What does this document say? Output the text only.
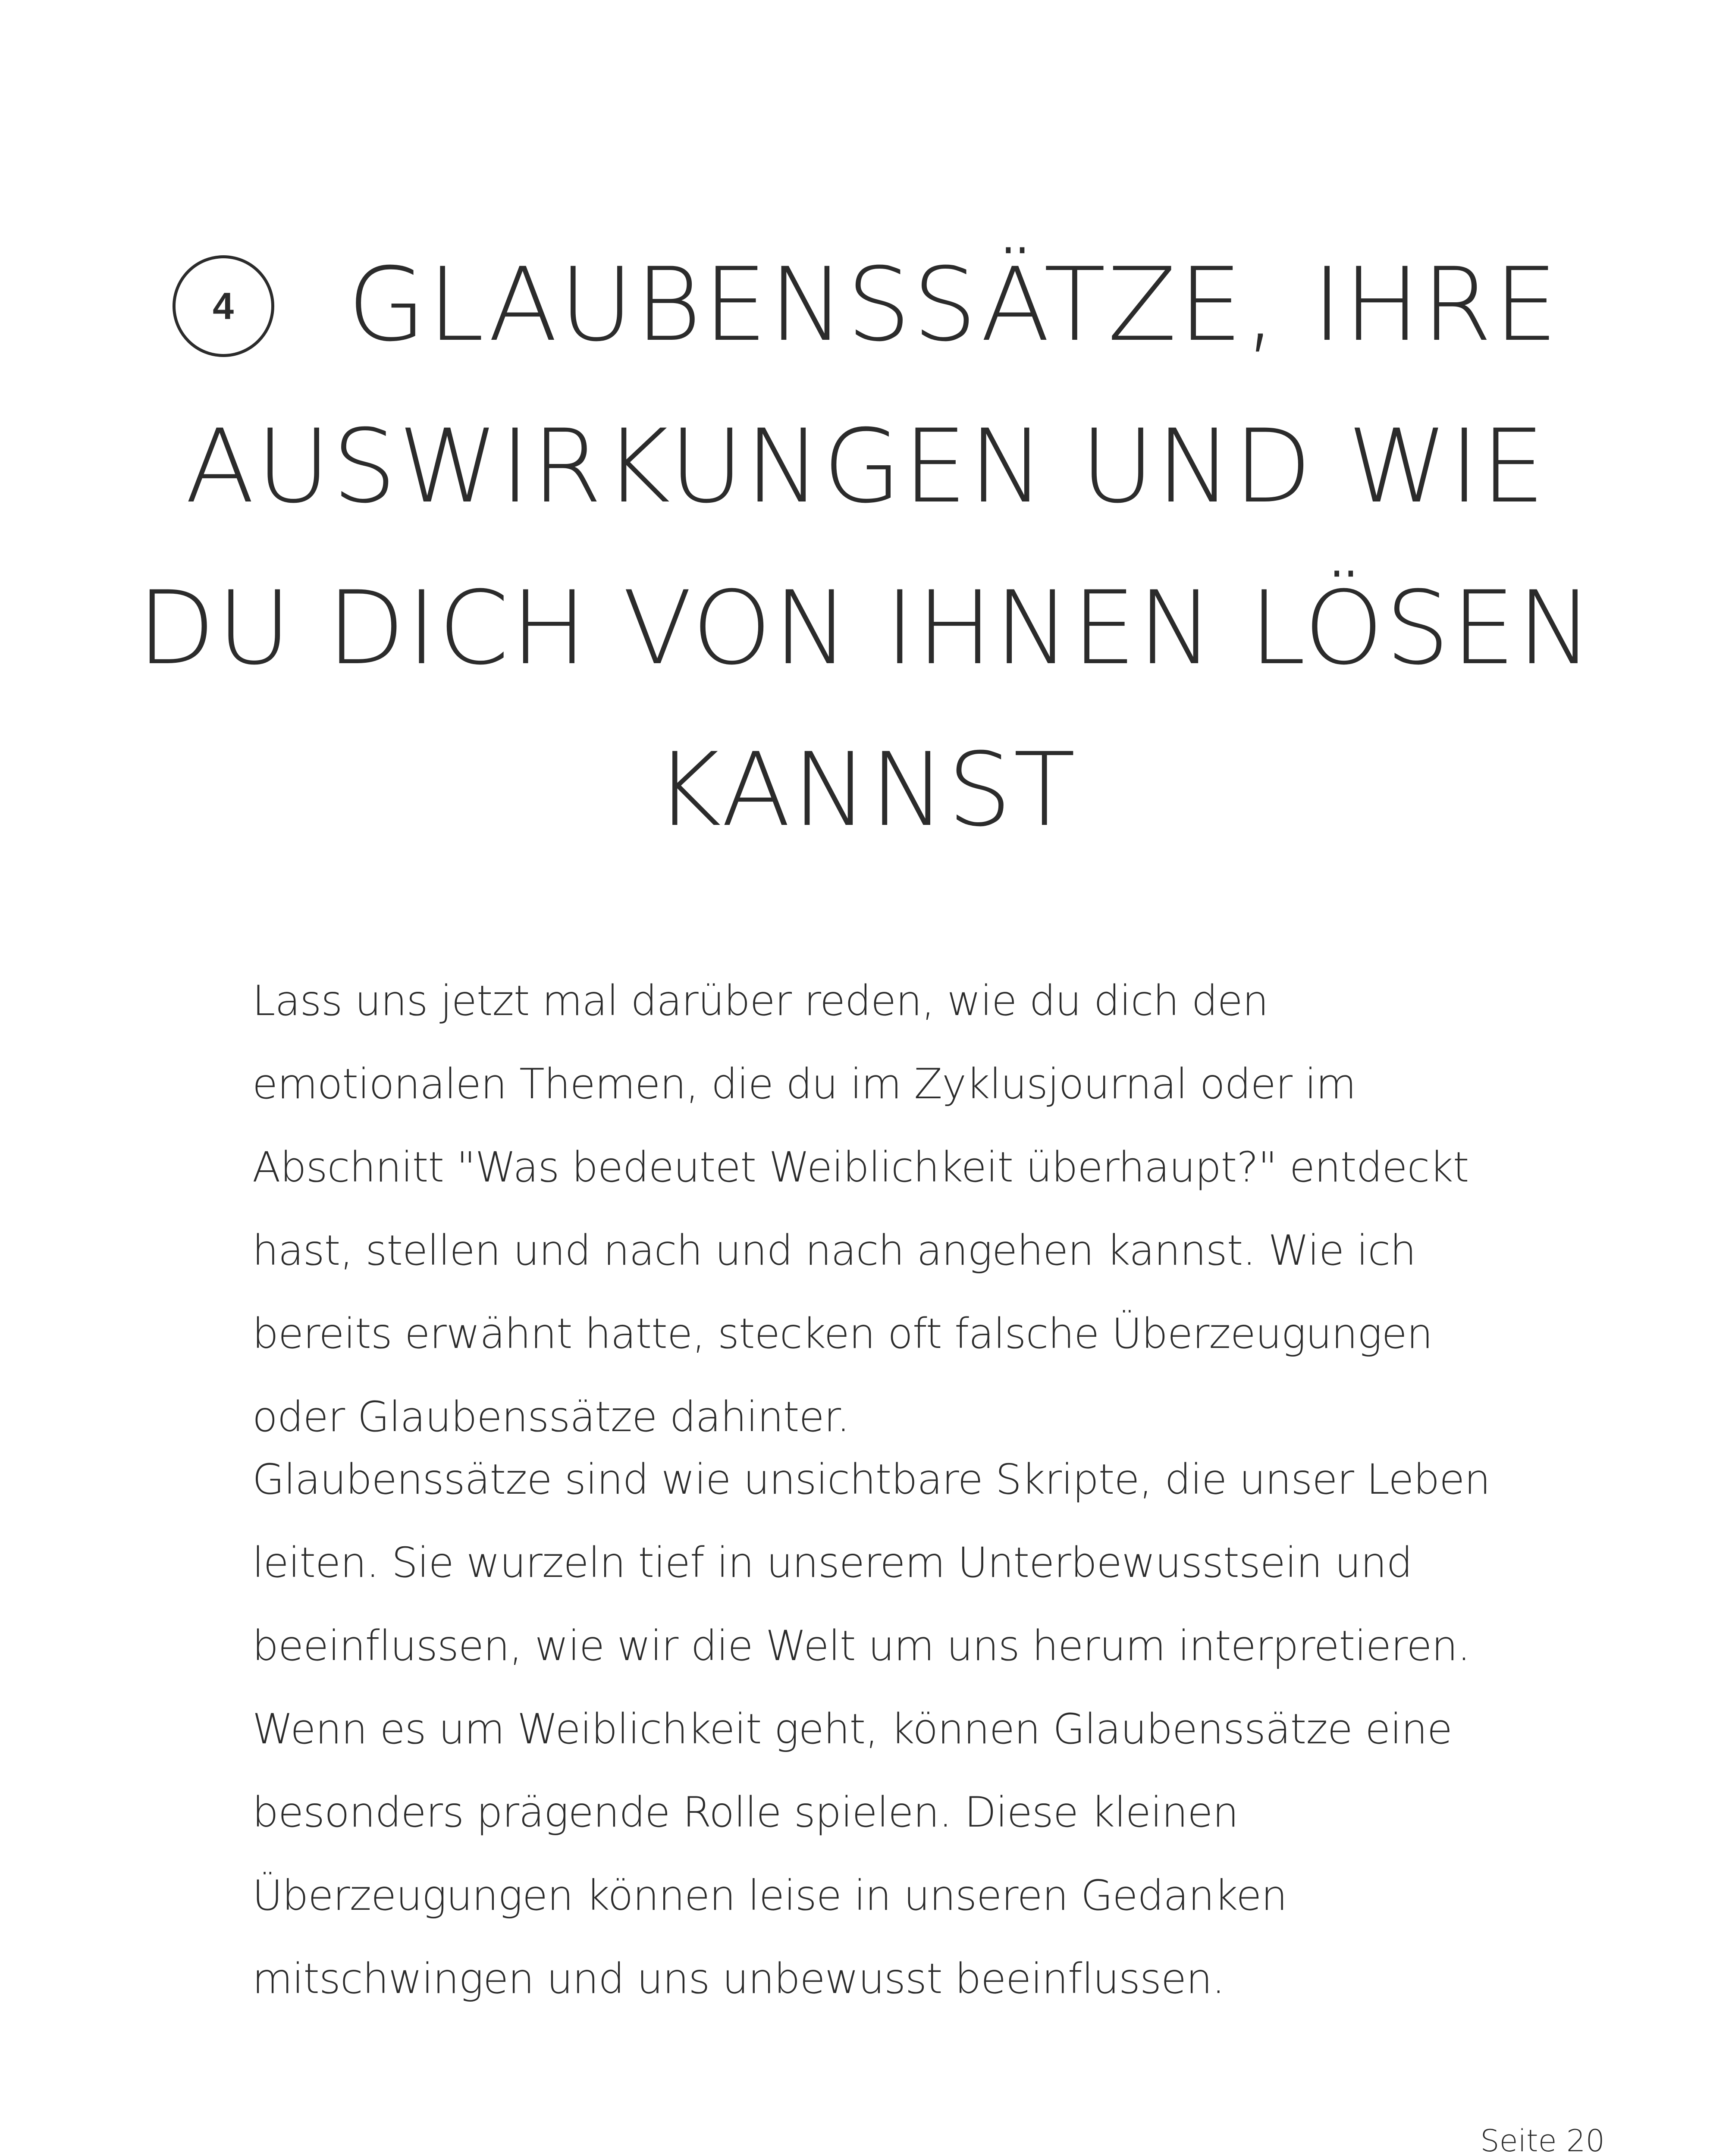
4 GLAUBENSSÄTZE, IHRE AUSWIRKUNGEN UND WIE DU DICH VON IHNEN LÖSEN KANNST

Lass uns jetzt mal darüber reden, wie du dich den emotionalen Themen, die du im Zyklusjournal oder im Abschnitt "Was bedeutet Weiblichkeit überhaupt?" entdeckt hast, stellen und nach und nach angehen kannst. Wie ich bereits erwähnt hatte, stecken oft falsche Überzeugungen oder Glaubenssätze dahinter.

Glaubenssätze sind wie unsichtbare Skripte, die unser Leben leiten. Sie wurzeln tief in unserem Unterbewusstsein und beeinflussen, wie wir die Welt um uns herum interpretieren. Wenn es um Weiblichkeit geht, können Glaubenssätze eine besonders prägende Rolle spielen. Diese kleinen Überzeugungen können leise in unseren Gedanken mitschwingen und uns unbewusst beeinflussen.

Seite 20
